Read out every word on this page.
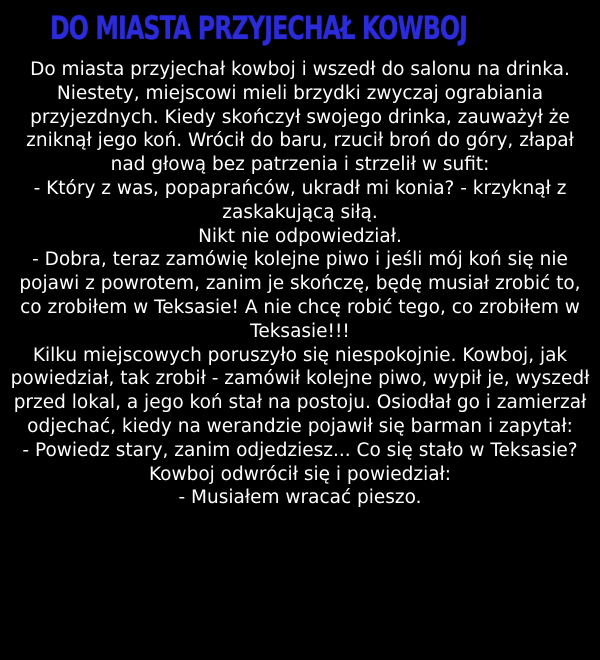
DO MIASTA PRZYJECHAŁ KOWBOJ

Do miasta przyjechał kowboj i wszedł do salonu na drinka. Niestety, miejscowi mieli brzydki zwyczaj ograbiania przyjezdnych. Kiedy skończył swojego drinka, zauważył że zniknął jego koń. Wrócił do baru, rzucił broń do góry, złapał nad głową bez patrzenia i strzelił w sufit:

- Który z was, popaprańców, ukradł mi konia? - krzyknął z zaskakującą siłą.

Nikt nie odpowiedział.

- Dobra, teraz zamówię kolejne piwo i jeśli mój koń się nie pojawi z powrotem, zanim je skończę, będę musiał zrobić to, co zrobiłem w Teksasie! A nie chcę robić tego, co zrobiłem w Teksasie!!!

Kilku miejscowych poruszyło się niespokojnie. Kowboj, jak powiedział, tak zrobił - zamówił kolejne piwo, wypił je, wyszedł przed lokal, a jego koń stał na postoju. Osiodłał go i zamierzał odjechać, kiedy na werandzie pojawił się barman i zapytał:

- Powiedz stary, zanim odjedziesz... Co się stało w Teksasie?

Kowboj odwrócił się i powiedział:

- Musiałem wracać pieszo.
